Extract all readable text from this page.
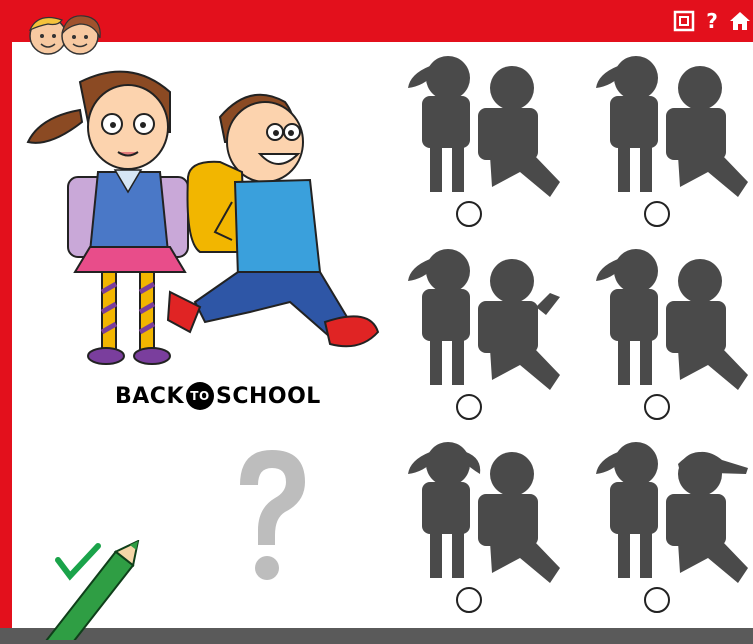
?
BACK TO SCHOOL
